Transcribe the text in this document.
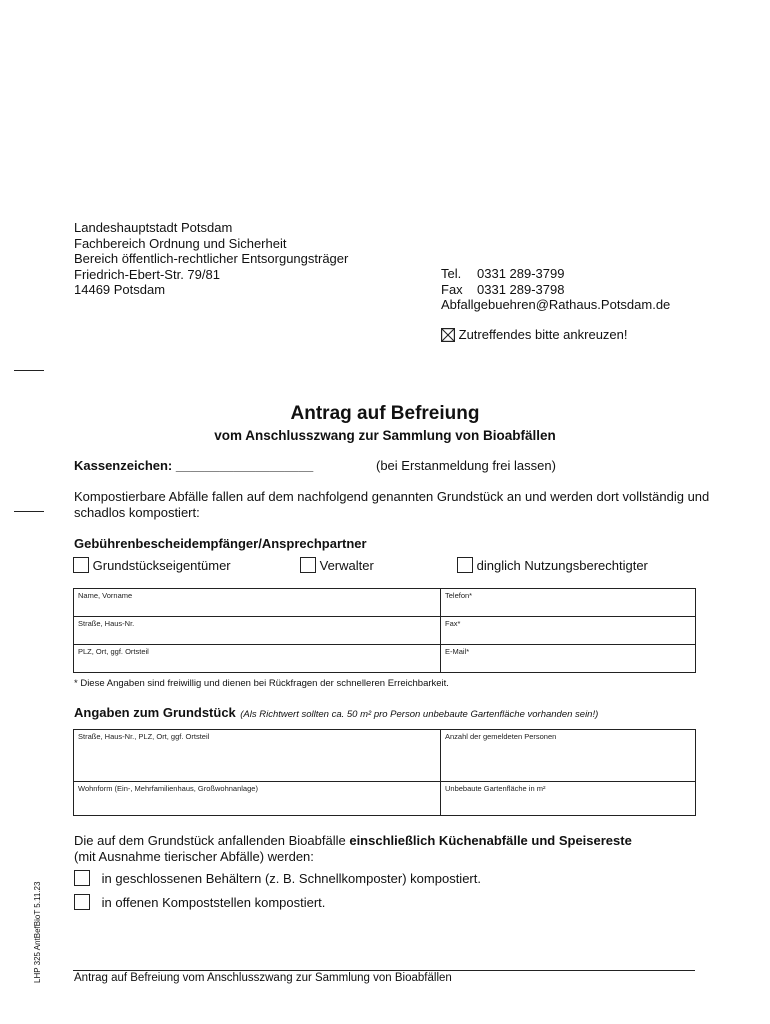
Landeshauptstadt Potsdam
Fachbereich Ordnung und Sicherheit
Bereich öffentlich-rechtlicher Entsorgungsträger
Friedrich-Ebert-Str. 79/81
14469 Potsdam
Tel. 0331 289-3799
Fax 0331 289-3798
Abfallgebuehren@Rathaus.Potsdam.de
Zutreffendes bitte ankreuzen!
Antrag auf Befreiung
vom Anschlusszwang zur Sammlung von Bioabfällen
Kassenzeichen: ___________________	(bei Erstanmeldung frei lassen)
Kompostierbare Abfälle fallen auf dem nachfolgend genannten Grundstück an und werden dort vollständig und schadlos kompostiert:
Gebührenbescheidempfänger/Ansprechpartner
Grundstückseigentümer	Verwalter	dinglich Nutzungsberechtigter
Name, Vorname	Telefon*

Straße, Haus-Nr.	Fax*

PLZ, Ort, ggf. Ortsteil	E-Mail*
* Diese Angaben sind freiwillig und dienen bei Rückfragen der schnelleren Erreichbarkeit.
Angaben zum Grundstück (Als Richtwert sollten ca. 50 m² pro Person unbebaute Gartenfläche vorhanden sein!)
Straße, Haus-Nr., PLZ, Ort, ggf. Ortsteil	Anzahl der gemeldeten Personen

Wohnform (Ein-, Mehrfamilienhaus, Großwohnanlage)	Unbebaute Gartenfläche in m²
Die auf dem Grundstück anfallenden Bioabfälle einschließlich Küchenabfälle und Speisereste
(mit Ausnahme tierischer Abfälle) werden:
in geschlossenen Behältern (z. B. Schnellkomposter) kompostiert.
in offenen Kompoststellen kompostiert.
LHP 325 AntBefBioT 5.11.23	Antrag auf Befreiung vom Anschlusszwang zur Sammlung von Bioabfällen
